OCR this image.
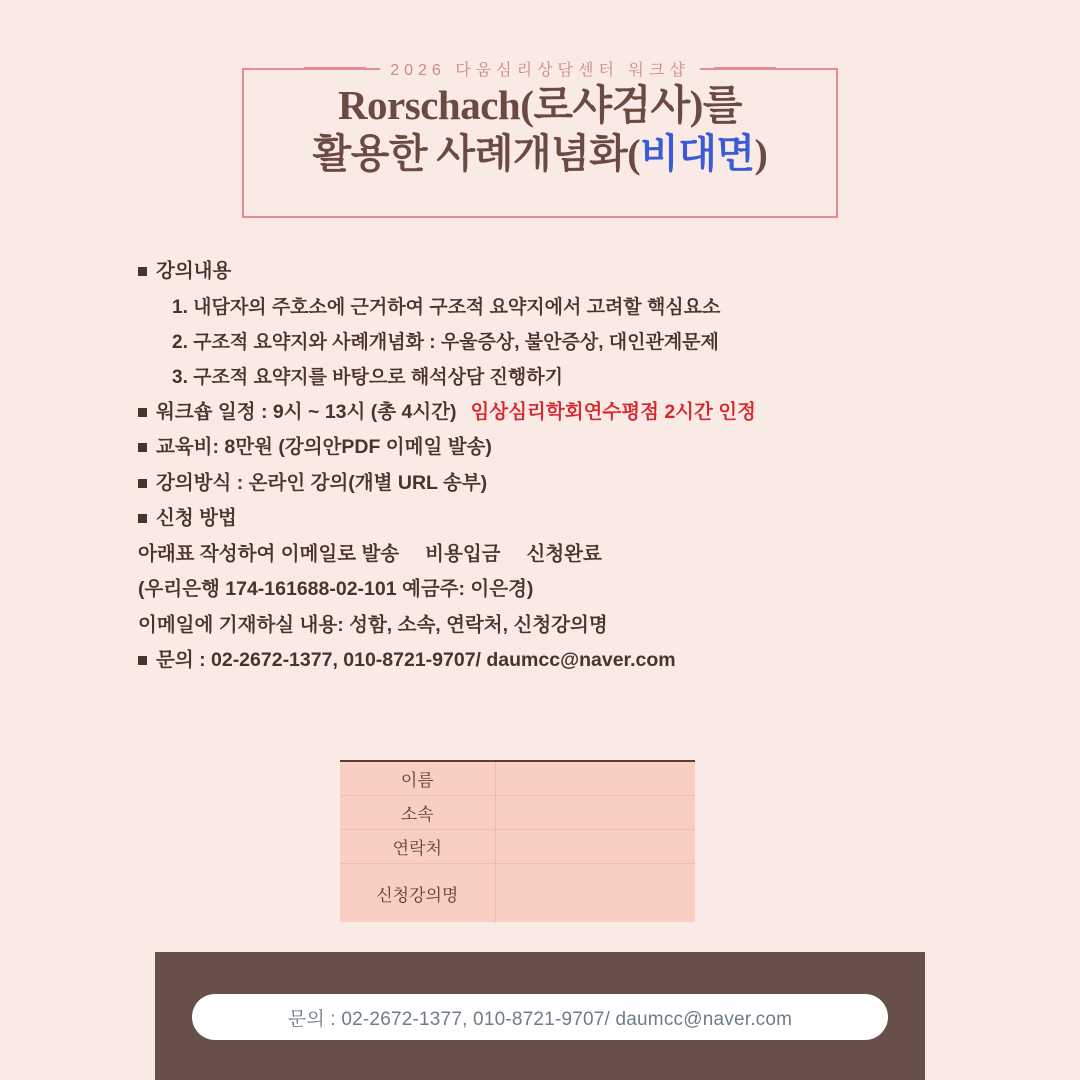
2026 다움심리상담센터 워크샵
Rorschach(로샤검사)를
활용한 사례개념화(비대면)
강의내용
1. 내담자의 주호소에 근거하여 구조적 요약지에서 고려할 핵심요소
2. 구조적 요약지와 사례개념화 : 우울증상, 불안증상, 대인관계문제
3. 구조적 요약지를 바탕으로 해석상담 진행하기
워크숍 일정 : 9시 ~ 13시 (총 4시간) 임상심리학회연수평점 2시간 인정
교육비: 8만원 (강의안PDF 이메일 발송)
강의방식 : 온라인 강의(개별 URL 송부)
신청 방법
아래표 작성하여 이메일로 발송 비용입금 신청완료
(우리은행 174-161688-02-101 예금주: 이은경)
이메일에 기재하실 내용: 성함, 소속, 연락처, 신청강의명
문의 : 02-2672-1377, 010-8721-9707/ daumcc@naver.com
이름	
소속	
연락처	
신청강의명	
문의 : 02-2672-1377, 010-8721-9707/ daumcc@naver.com
